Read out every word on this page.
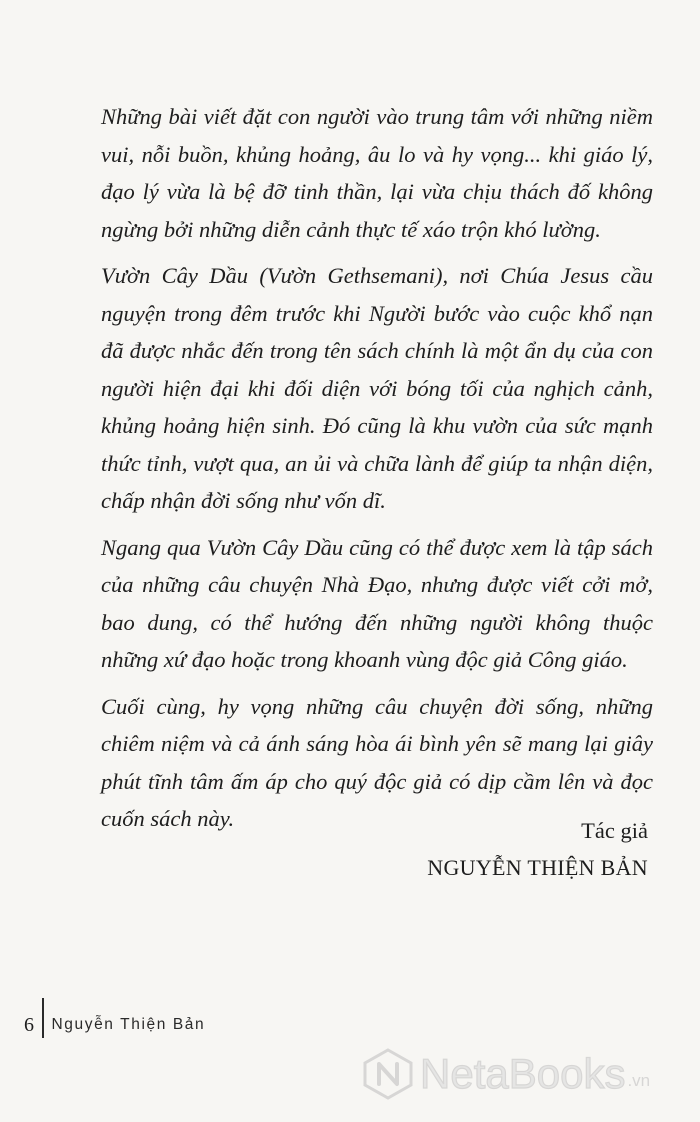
Những bài viết đặt con người vào trung tâm với những niềm vui, nỗi buồn, khủng hoảng, âu lo và hy vọng... khi giáo lý, đạo lý vừa là bệ đỡ tinh thần, lại vừa chịu thách đố không ngừng bởi những diễn cảnh thực tế xáo trộn khó lường.

Vườn Cây Dầu (Vườn Gethsemani), nơi Chúa Jesus cầu nguyện trong đêm trước khi Người bước vào cuộc khổ nạn đã được nhắc đến trong tên sách chính là một ẩn dụ của con người hiện đại khi đối diện với bóng tối của nghịch cảnh, khủng hoảng hiện sinh. Đó cũng là khu vườn của sức mạnh thức tỉnh, vượt qua, an ủi và chữa lành để giúp ta nhận diện, chấp nhận đời sống như vốn dĩ.

Ngang qua Vườn Cây Dầu cũng có thể được xem là tập sách của những câu chuyện Nhà Đạo, nhưng được viết cởi mở, bao dung, có thể hướng đến những người không thuộc những xứ đạo hoặc trong khoanh vùng độc giả Công giáo.

Cuối cùng, hy vọng những câu chuyện đời sống, những chiêm niệm và cả ánh sáng hòa ái bình yên sẽ mang lại giây phút tĩnh tâm ấm áp cho quý độc giả có dịp cầm lên và đọc cuốn sách này.	Tác giả
NGUYỄN THIỆN BẢN
6	Nguyễn Thiện Bản
NetaBooks .vn
